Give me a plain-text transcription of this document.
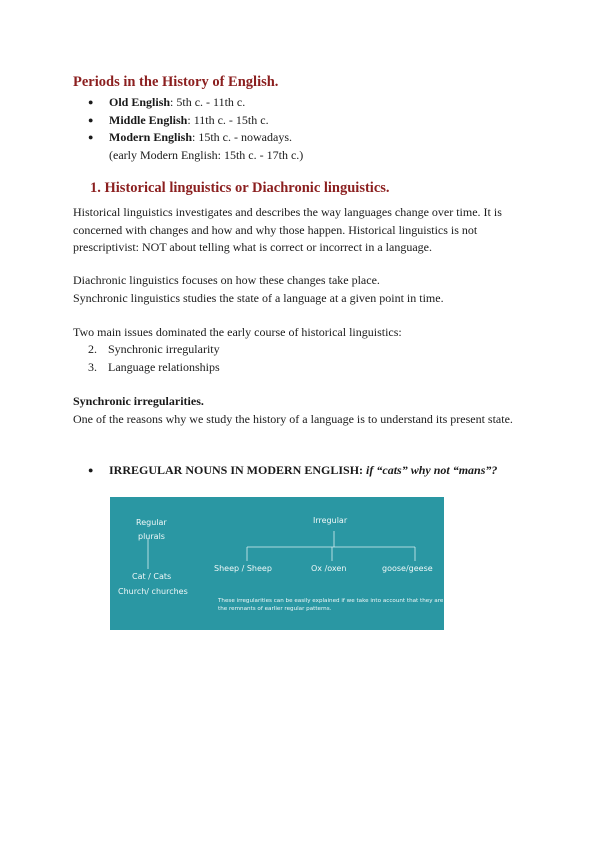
Periods in the History of English.
● Old English: 5th c. - 11th c.
● Middle English: 11th c. - 15th c.
● Modern English: 15th c. - nowadays.
(early Modern English: 15th c. - 17th c.)
1. Historical linguistics or Diachronic linguistics.

Historical linguistics investigates and describes the way languages change over time. It is concerned with changes and how and why those happen. Historical linguistics is not prescriptivist: NOT about telling what is correct or incorrect in a language.

Diachronic linguistics focuses on how these changes take place.
Synchronic linguistics studies the state of a language at a given point in time.

Two main issues dominated the early course of historical linguistics:

2. Synchronic irregularity
3. Language relationships
Synchronic irregularities.

One of the reasons why we study the history of a language is to understand its present state.

●	IRREGULAR NOUNS IN MODERN ENGLISH: if “cats” why not “mans”?
Regular
plurals
Cat / Cats
Church/ churches
Irregular
Sheep / Sheep	Ox /oxen	goose/geese
These irregularities can be easily explained if we take into account that they are the remnants of earlier regular patterns.
